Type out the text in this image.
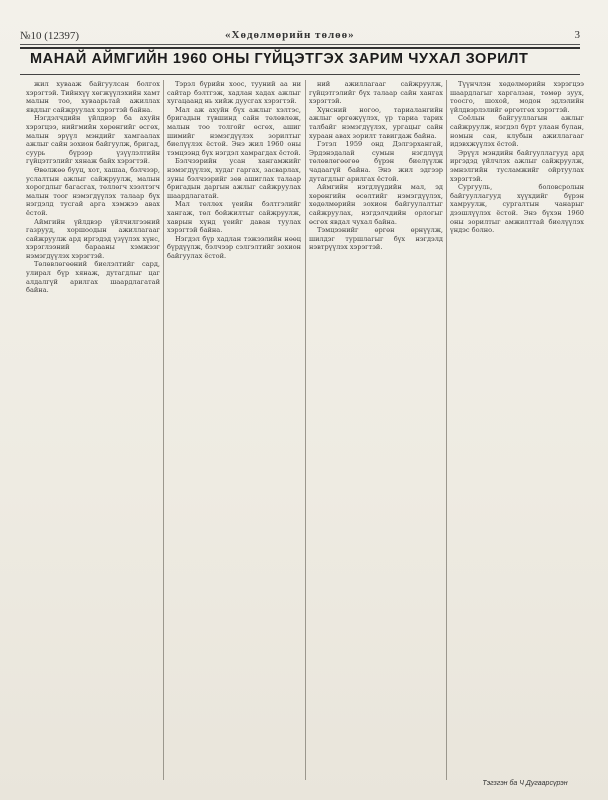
№10 (12397)	«Хөдөлмөрийн төлөө»	3
МАНАЙ АЙМГИЙН 1960 ОНЫ ГҮЙЦЭТГЭХ ЗАРИМ ЧУХАЛ ЗОРИЛТ

жил хувааж байгуулсан болгох хэрэгтэй. Тийнхүү хөгжүүлэхийн хамт малын тоо, хуваарьтай ажиллах явдлыг сайжруулах хэрэгтэй байна.

Нэгдэлчдийн үйлдвэр ба ахуйн хэрэгцээ, нийгмийн хөрөнгийг өсгөх, малын эрүүл мэндийг хамгаалах ажлыг сайн зохион байгуулж, бригад, суурь бүрээр үзүүлэлтийн гүйцэтгэлийг хянаж байх хэрэгтэй.

Өвөлжөө бууц, хот, хашаа, бэлчээр, услалтын ажлыг сайжруулж, малын хорогдлыг багасгах, төллөгч хээлтэгч малын тоог нэмэгдүүлэх талаар бүх нэгдэлд тусгай арга хэмжээ авах ёстой.

Аймгийн үйлдвэр үйлчилгээний газрууд, хоршоодын ажиллагааг сайжруулж ард иргэдэд үзүүлэх хүнс, хэрэглээний барааны хэмжээг нэмэгдүүлэх хэрэгтэй.

Төлөвлөгөөний биелэлтийг сард, улирал бүр хянаж, дутагдлыг цаг алдалгүй арилгах шаардлагатай байна.

Тэрэл бүрийн хоос, тууний аа ни сайтар бэлтгэж, хадлан хадах ажлыг хугацаанд нь хийж дуусгах хэрэгтэй.

Мал аж ахуйн бүх ажлыг хэлтэс, бригадын түвшинд сайн төлөвлөж, малын тоо толгойг өсгөх, ашиг шимийг нэмэгдүүлэх зорилтыг биелүүлэх ёстой. Энэ жил 1960 оны тэмцээнд бүх нэгдэл хамрагдах ёстой.

Бэлчээрийн усан хангамжийг нэмэгдүүлэх, худаг гаргах, засварлах, зуны бэлчээрийг зөв ашиглах талаар бригадын даргын ажлыг сайжруулах шаардлагатай.

Мал төллөх үеийн бэлтгэлийг хангаж, төл бойжилтыг сайжруулж, хаврын хүнд үеийг даван туулах хэрэгтэй байна.

Нэгдэл бүр хадлан тэжээлийн нөөц бүрдүүлж, бэлчээр сэлгэлтийг зохион байгуулах ёстой.

ний ажиллагааг сайжруулж, гүйцэтгэлийг бүх талаар сайн хангах хэрэгтэй.

Хүнсний ногоо, тариалангийн ажлыг өргөжүүлэх, үр тариа тарих талбайг нэмэгдүүлэх, ургацыг сайн хураан авах зорилт тавигдаж байна.

Гэтэл 1959 онд Дэлгэрхангай, Эрдэнэдалай сумын нэгдлүүд төлөвлөгөөгөө бүрэн биелүүлж чадаагүй байна. Энэ жил эдгээр дутагдлыг арилгах ёстой.

Аймгийн нэгдлүүдийн мал, эд хөрөнгийн өсөлтийг нэмэгдүүлэх, хөдөлмөрийн зохион байгуулалтыг сайжруулах, нэгдэлчдийн орлогыг өсгөх явдал чухал байна.

Тэмцээнийг өргөн өрнүүлж, шилдэг туршлагыг бүх нэгдэлд нэвтрүүлэх хэрэгтэй.

Түүнчлэн хөдөлмөрийн хэрэгцээ шаардлагыг харгалзан, төмөр зуух, тоосго, шохой, модон эдлэлийн үйлдвэрлэлийг өргөтгөх хэрэгтэй.

Соёлын байгууллагын ажлыг сайжруулж, нэгдэл бүрт улаан булан, номын сан, клубын ажиллагааг идэвхжүүлэх ёстой.

Эрүүл мэндийн байгууллагууд ард иргэдэд үйлчлэх ажлыг сайжруулж, эмнэлгийн тусламжийг ойртуулах хэрэгтэй.

Сургууль, боловсролын байгууллагууд хүүхдийг бүрэн хамруулж, сургалтын чанарыг дээшлүүлэх ёстой. Энэ бүхэн 1960 оны зорилтыг амжилттай биелүүлэх үндэс болно.

Тэгзгэн ба Ч Дугаарсүрэн
